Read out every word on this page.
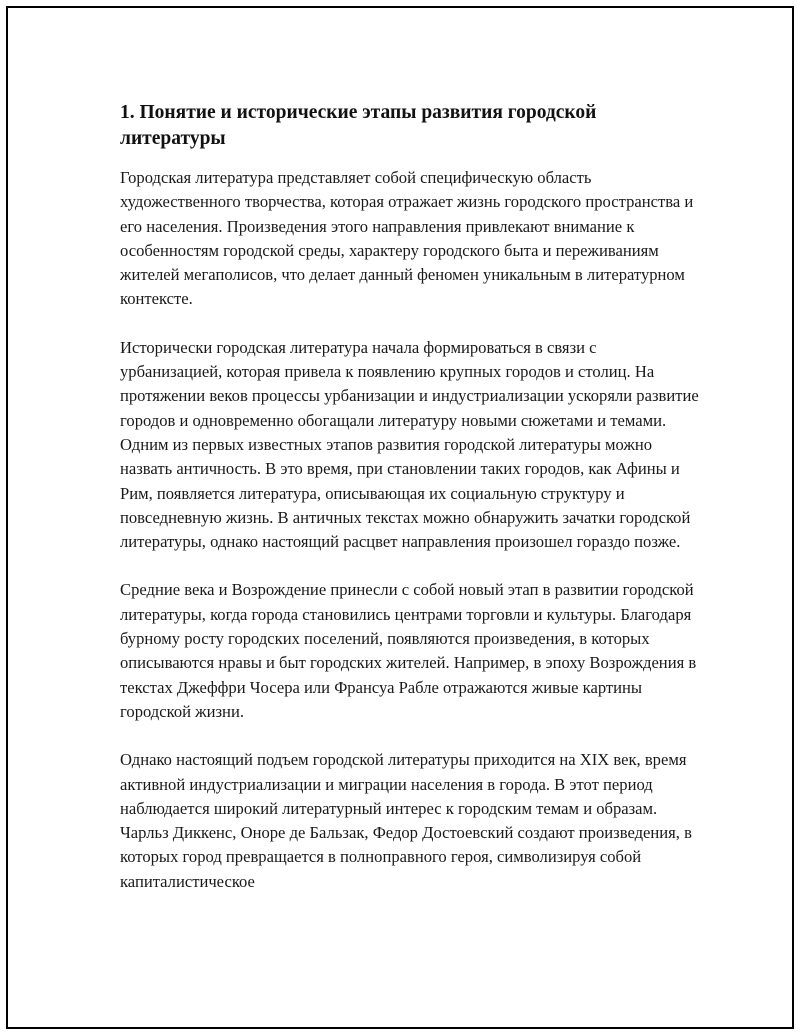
1. Понятие и исторические этапы развития городской литературы

Городская литература представляет собой специфическую область художественного творчества, которая отражает жизнь городского пространства и его населения. Произведения этого направления привлекают внимание к особенностям городской среды, характеру городского быта и переживаниям жителей мегаполисов, что делает данный феномен уникальным в литературном контексте.

Исторически городская литература начала формироваться в связи с урбанизацией, которая привела к появлению крупных городов и столиц. На протяжении веков процессы урбанизации и индустриализации ускоряли развитие городов и одновременно обогащали литературу новыми сюжетами и темами. Одним из первых известных этапов развития городской литературы можно назвать античность. В это время, при становлении таких городов, как Афины и Рим, появляется литература, описывающая их социальную структуру и повседневную жизнь. В античных текстах можно обнаружить зачатки городской литературы, однако настоящий расцвет направления произошел гораздо позже.

Средние века и Возрождение принесли с собой новый этап в развитии городской литературы, когда города становились центрами торговли и культуры. Благодаря бурному росту городских поселений, появляются произведения, в которых описываются нравы и быт городских жителей. Например, в эпоху Возрождения в текстах Джеффри Чосера или Франсуа Рабле отражаются живые картины городской жизни.

Однако настоящий подъем городской литературы приходится на XIX век, время активной индустриализации и миграции населения в города. В этот период наблюдается широкий литературный интерес к городским темам и образам. Чарльз Диккенс, Оноре де Бальзак, Федор Достоевский создают произведения, в которых город превращается в полноправного героя, символизируя собой капиталистическое
